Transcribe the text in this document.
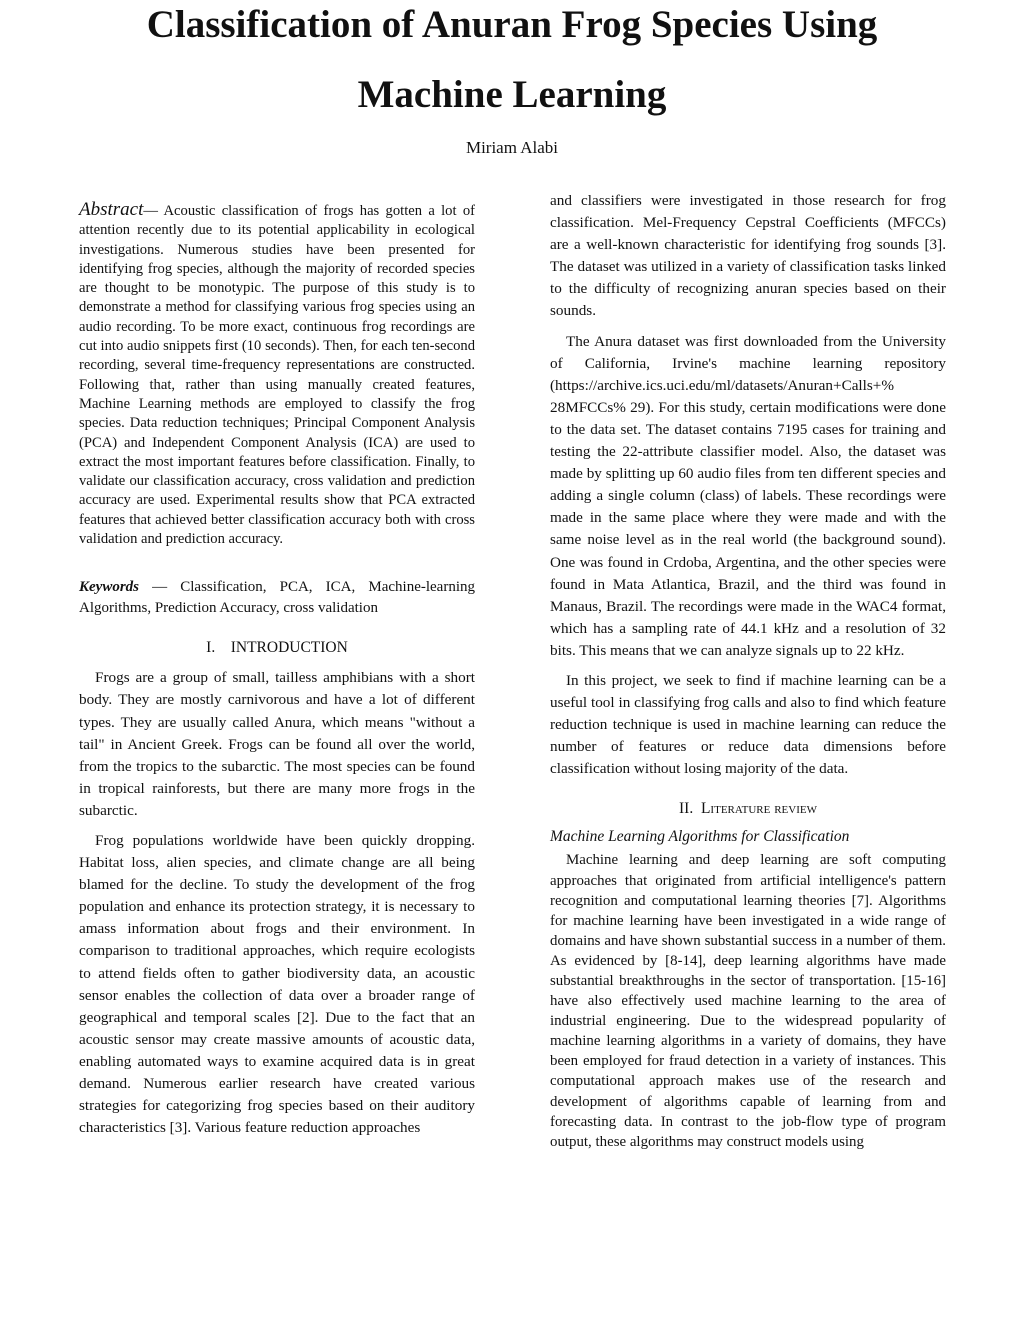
Classification of Anuran Frog Species Using
Machine Learning

Miriam Alabi

Abstract— Acoustic classification of frogs has gotten a lot of attention recently due to its potential applicability in ecological investigations. Numerous studies have been presented for identifying frog species, although the majority of recorded species are thought to be monotypic. The purpose of this study is to demonstrate a method for classifying various frog species using an audio recording. To be more exact, continuous frog recordings are cut into audio snippets first (10 seconds). Then, for each ten-second recording, several time-frequency representations are constructed. Following that, rather than using manually created features, Machine Learning methods are employed to classify the frog species. Data reduction techniques; Principal Component Analysis (PCA) and Independent Component Analysis (ICA) are used to extract the most important features before classification. Finally, to validate our classification accuracy, cross validation and prediction accuracy are used. Experimental results show that PCA extracted features that achieved better classification accuracy both with cross validation and prediction accuracy.

Keywords — Classification, PCA, ICA, Machine-learning Algorithms, Prediction Accuracy, cross validation

I. INTRODUCTION

Frogs are a group of small, tailless amphibians with a short body. They are mostly carnivorous and have a lot of different types. They are usually called Anura, which means "without a tail" in Ancient Greek. Frogs can be found all over the world, from the tropics to the subarctic. The most species can be found in tropical rainforests, but there are many more frogs in the subarctic.

Frog populations worldwide have been quickly dropping. Habitat loss, alien species, and climate change are all being blamed for the decline. To study the development of the frog population and enhance its protection strategy, it is necessary to amass information about frogs and their environment. In comparison to traditional approaches, which require ecologists to attend fields often to gather biodiversity data, an acoustic sensor enables the collection of data over a broader range of geographical and temporal scales [2]. Due to the fact that an acoustic sensor may create massive amounts of acoustic data, enabling automated ways to examine acquired data is in great demand. Numerous earlier research have created various strategies for categorizing frog species based on their auditory characteristics [3]. Various feature reduction approaches

and classifiers were investigated in those research for frog classification. Mel-Frequency Cepstral Coefficients (MFCCs) are a well-known characteristic for identifying frog sounds [3]. The dataset was utilized in a variety of classification tasks linked to the difficulty of recognizing anuran species based on their sounds.

The Anura dataset was first downloaded from the University of California, Irvine's machine learning repository (https://archive.ics.uci.edu/ml/datasets/Anuran+Calls+% 28MFCCs% 29). For this study, certain modifications were done to the data set. The dataset contains 7195 cases for training and testing the 22-attribute classifier model. Also, the dataset was made by splitting up 60 audio files from ten different species and adding a single column (class) of labels. These recordings were made in the same place where they were made and with the same noise level as in the real world (the background sound). One was found in Crdoba, Argentina, and the other species were found in Mata Atlantica, Brazil, and the third was found in Manaus, Brazil. The recordings were made in the WAC4 format, which has a sampling rate of 44.1 kHz and a resolution of 32 bits. This means that we can analyze signals up to 22 kHz.

In this project, we seek to find if machine learning can be a useful tool in classifying frog calls and also to find which feature reduction technique is used in machine learning can reduce the number of features or reduce data dimensions before classification without losing majority of the data.

II.  Literature review

Machine Learning Algorithms for Classification

Machine learning and deep learning are soft computing approaches that originated from artificial intelligence's pattern recognition and computational learning theories [7]. Algorithms for machine learning have been investigated in a wide range of domains and have shown substantial success in a number of them. As evidenced by [8-14], deep learning algorithms have made substantial breakthroughs in the sector of transportation. [15-16] have also effectively used machine learning to the area of industrial engineering. Due to the widespread popularity of machine learning algorithms in a variety of domains, they have been employed for fraud detection in a variety of instances. This computational approach makes use of the research and development of algorithms capable of learning from and forecasting data. In contrast to the job-flow type of program output, these algorithms may construct models using
